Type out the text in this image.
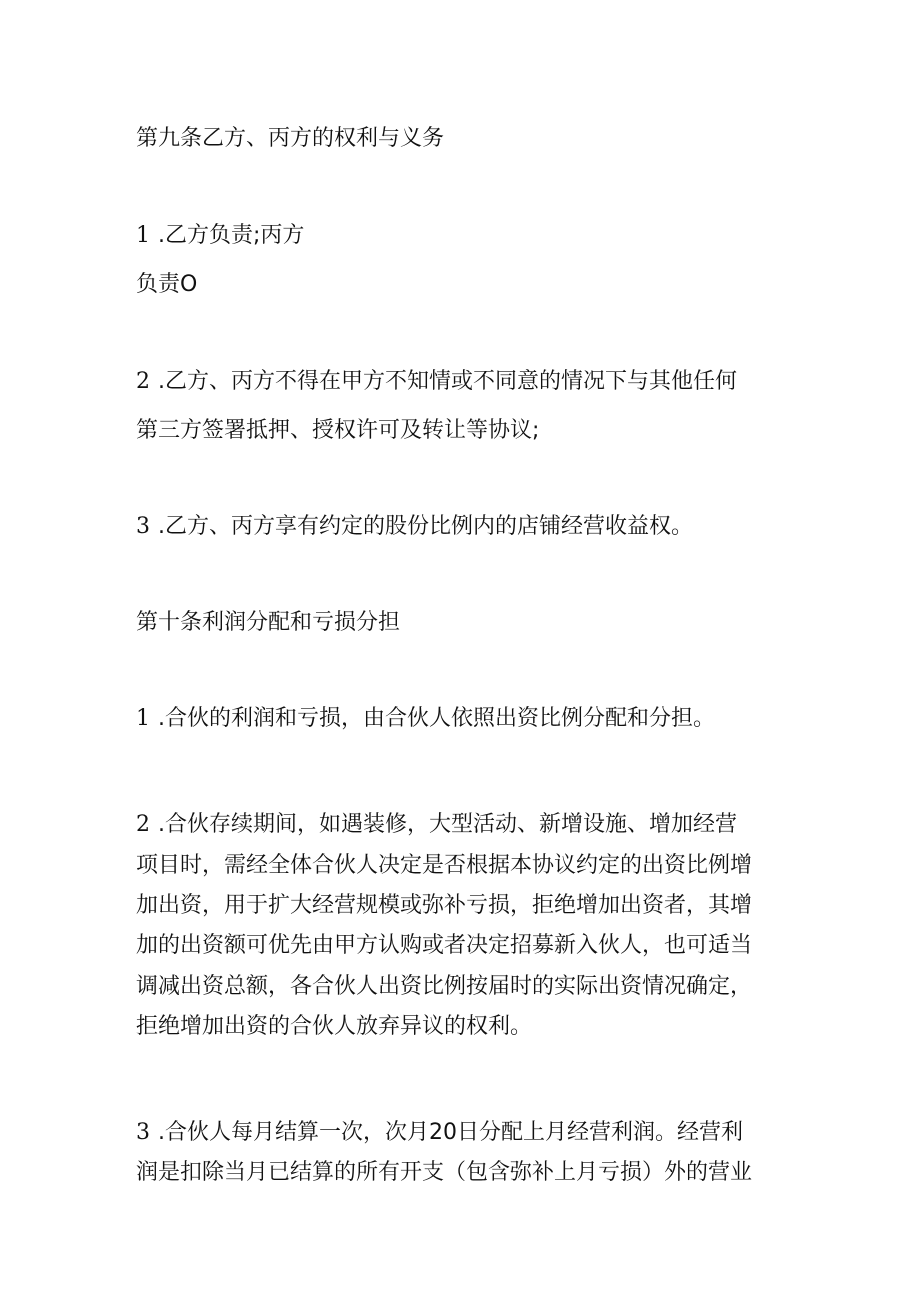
第九条乙方、丙方的权利与义务
1 .乙方负责;丙方
负责O
2 .乙方、丙方不得在甲方不知情或不同意的情况下与其他任何
第三方签署抵押、授权许可及转让等协议;
3 .乙方、丙方享有约定的股份比例内的店铺经营收益权。
第十条利润分配和亏损分担
1 .合伙的利润和亏损，由合伙人依照出资比例分配和分担。
2 .合伙存续期间，如遇装修，大型活动、新增设施、增加经营
项目时，需经全体合伙人决定是否根据本协议约定的出资比例增
加出资，用于扩大经营规模或弥补亏损，拒绝增加出资者，其增
加的出资额可优先由甲方认购或者决定招募新入伙人，也可适当
调减出资总额，各合伙人出资比例按届时的实际出资情况确定，
拒绝增加出资的合伙人放弃异议的权利。
3 .合伙人每月结算一次，次月20日分配上月经营利润。经营利
润是扣除当月已结算的所有开支（包含弥补上月亏损）外的营业
